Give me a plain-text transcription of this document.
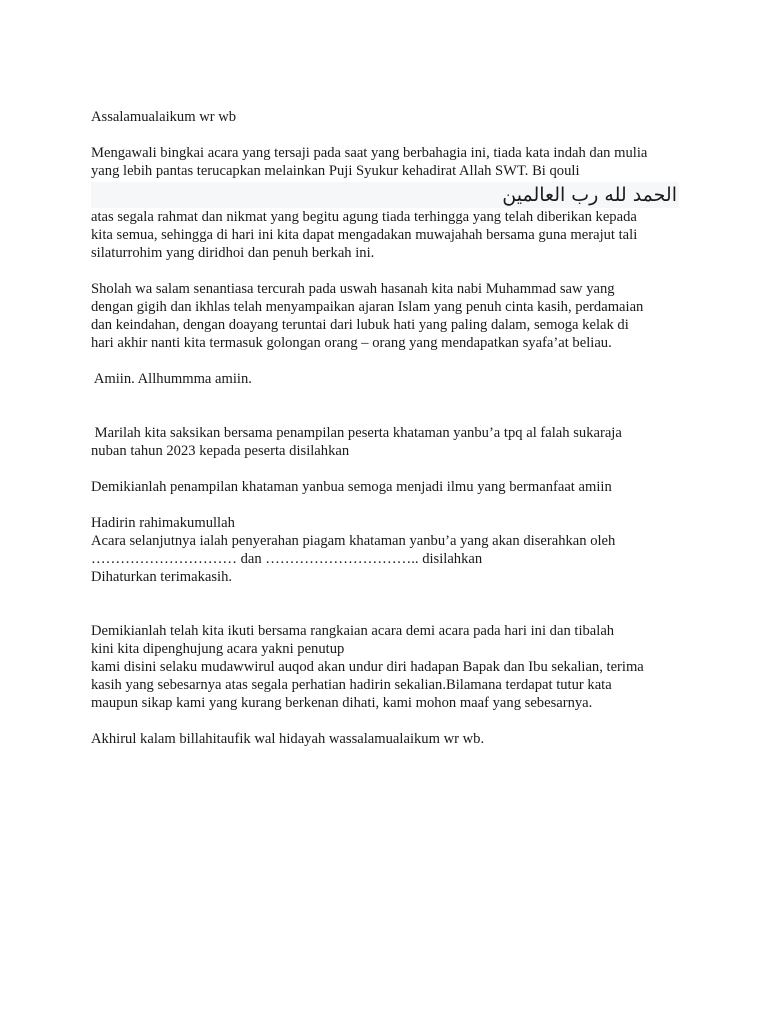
Assalamualaikum wr wb
Mengawali bingkai acara yang tersaji pada saat yang berbahagia ini, tiada kata indah dan mulia
yang lebih pantas terucapkan melainkan Puji Syukur kehadirat Allah SWT. Bi qouli
الحمد لله رب العالمين
atas segala rahmat dan nikmat yang begitu agung tiada terhingga yang telah diberikan kepada
kita semua, sehingga di hari ini kita dapat mengadakan muwajahah bersama guna merajut tali
silaturrohim yang diridhoi dan penuh berkah ini.
Sholah wa salam senantiasa tercurah pada uswah hasanah kita nabi Muhammad saw yang
dengan gigih dan ikhlas telah menyampaikan ajaran Islam yang penuh cinta kasih, perdamaian
dan keindahan, dengan doayang teruntai dari lubuk hati yang paling dalam, semoga kelak di
hari akhir nanti kita termasuk golongan orang – orang yang mendapatkan syafa’at beliau.
Amiin. Allhummma amiin.
Marilah kita saksikan bersama penampilan peserta khataman yanbu’a tpq al falah sukaraja
nuban tahun 2023 kepada peserta disilahkan
Demikianlah penampilan khataman yanbua semoga menjadi ilmu yang bermanfaat amiin
Hadirin rahimakumullah
Acara selanjutnya ialah penyerahan piagam khataman yanbu’a yang akan diserahkan oleh
………………………… dan ………………………….. disilahkan
Dihaturkan terimakasih.
Demikianlah telah kita ikuti bersama rangkaian acara demi acara pada hari ini dan tibalah
kini kita dipenghujung acara yakni penutup
kami disini selaku mudawwirul auqod akan undur diri hadapan Bapak dan Ibu sekalian, terima
kasih yang sebesarnya atas segala perhatian hadirin sekalian.Bilamana terdapat tutur kata
maupun sikap kami yang kurang berkenan dihati, kami mohon maaf yang sebesarnya.
Akhirul kalam billahitaufik wal hidayah wassalamualaikum wr wb.
